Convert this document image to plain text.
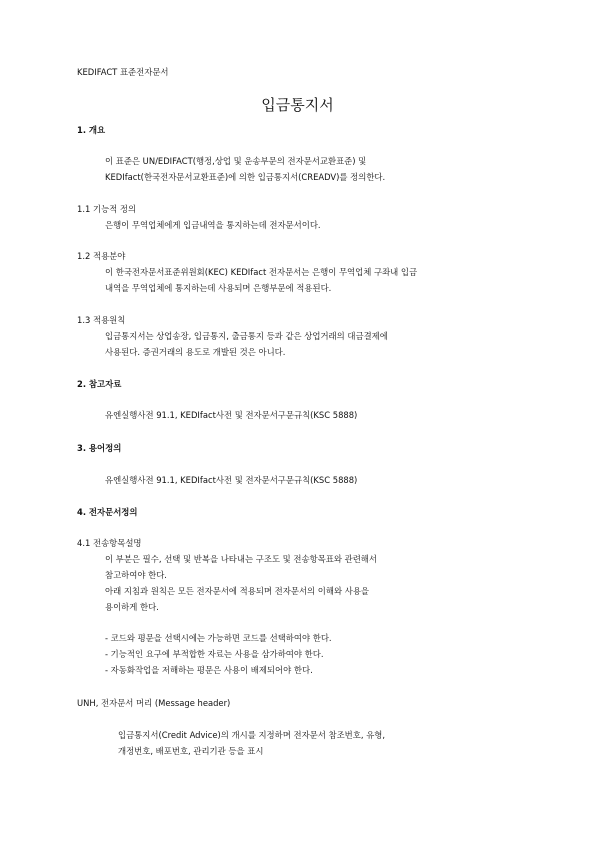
KEDIFACT 표준전자문서
입금통지서
1. 개요
이 표준은 UN/EDIFACT(행정,상업 및 운송부문의 전자문서교환표준) 및
KEDIfact(한국전자문서교환표준)에 의한 입금통지서(CREADV)를 정의한다.
1.1 기능적 정의
은행이 무역업체에게 입금내역을 통지하는데 전자문서이다.
1.2 적용분야
이 한국전자문서표준위원회(KEC) KEDIfact 전자문서는 은행이 무역업체 구좌내 입금
내역을 무역업체에 통지하는데 사용되며 은행부문에 적용된다.
1.3 적용원칙
입금통지서는 상업송장, 입금통지, 출금통지 등과 같은 상업거래의 대금결제에
사용된다. 증권거래의 용도로 개발된 것은 아니다.
2. 참고자료
유엔실행사전 91.1, KEDIfact사전 및 전자문서구문규칙(KSC 5888)
3. 용어정의
유엔실행사전 91.1, KEDIfact사전 및 전자문서구문규칙(KSC 5888)
4. 전자문서정의
4.1 전송항목설명
이 부분은 필수, 선택 및 반복을 나타내는 구조도 및 전송항목표와 관련해서
참고하여야 한다.
아래 지침과 원칙은 모든 전자문서에 적용되며 전자문서의 이해와 사용을
용이하게 한다.
- 코드와 평문을 선택시에는 가능하면 코드를 선택하여야 한다.
- 기능적인 요구에 부적합한 자료는 사용을 삼가하여야 한다.
- 자동화작업을 저해하는 평문은 사용이 배제되어야 한다.
UNH, 전자문서 머리 (Message header)
입금통지서(Credit Advice)의 개시를 지정하며 전자문서 참조번호, 유형,
개정번호, 배포번호, 관리기관 등을 표시
